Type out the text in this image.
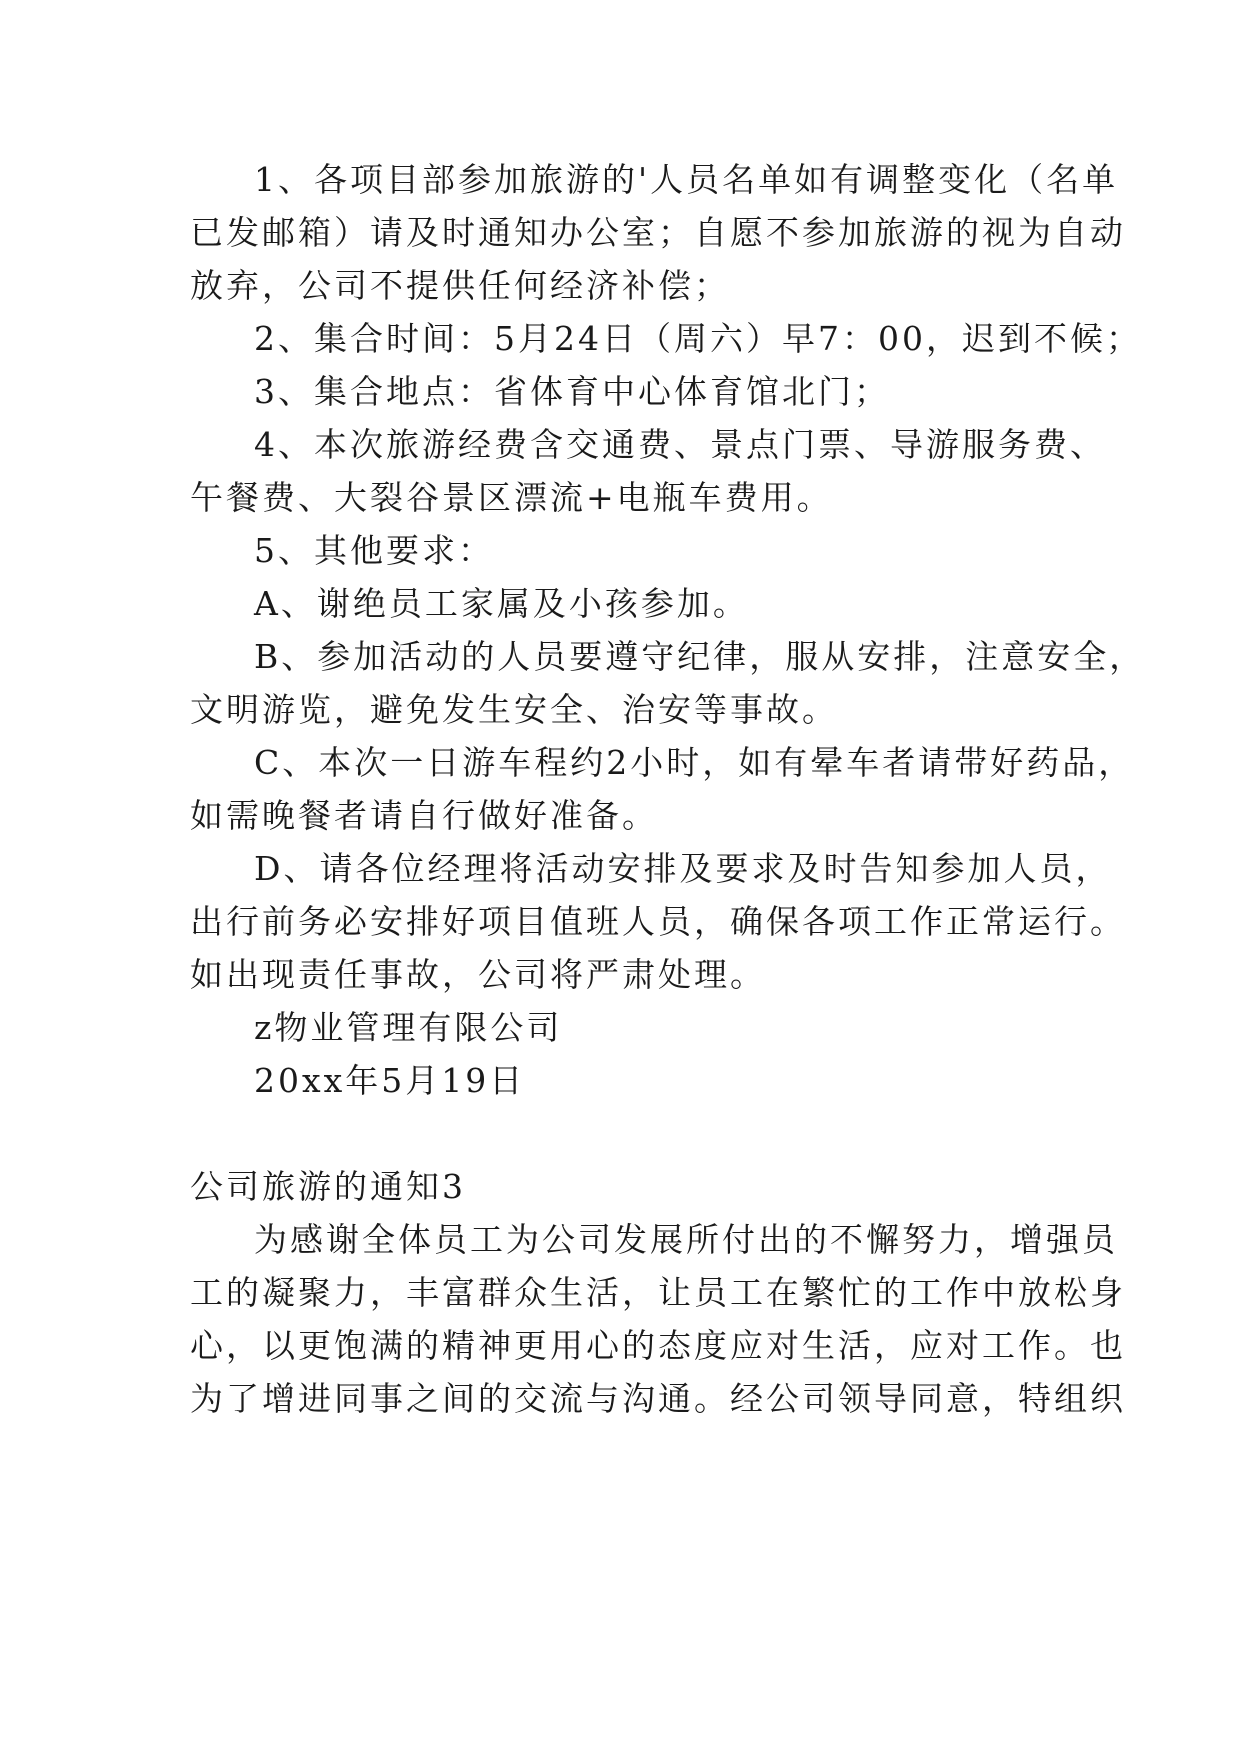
1、各项目部参加旅游的'人员名单如有调整变化（名单
已发邮箱）请及时通知办公室；自愿不参加旅游的视为自动
放弃，公司不提供任何经济补偿；
2、集合时间：5月24日（周六）早7：00，迟到不候；
3、集合地点：省体育中心体育馆北门；
4、本次旅游经费含交通费、景点门票、导游服务费、
午餐费、大裂谷景区漂流+电瓶车费用。
5、其他要求：
A、谢绝员工家属及小孩参加。
B、参加活动的人员要遵守纪律，服从安排，注意安全，
文明游览，避免发生安全、治安等事故。
C、本次一日游车程约2小时，如有晕车者请带好药品，
如需晚餐者请自行做好准备。
D、请各位经理将活动安排及要求及时告知参加人员，
出行前务必安排好项目值班人员，确保各项工作正常运行。
如出现责任事故，公司将严肃处理。
z物业管理有限公司
20xx年5月19日
公司旅游的通知3
为感谢全体员工为公司发展所付出的不懈努力，增强员
工的凝聚力，丰富群众生活，让员工在繁忙的工作中放松身
心，以更饱满的精神更用心的态度应对生活，应对工作。也
为了增进同事之间的交流与沟通。经公司领导同意，特组织
